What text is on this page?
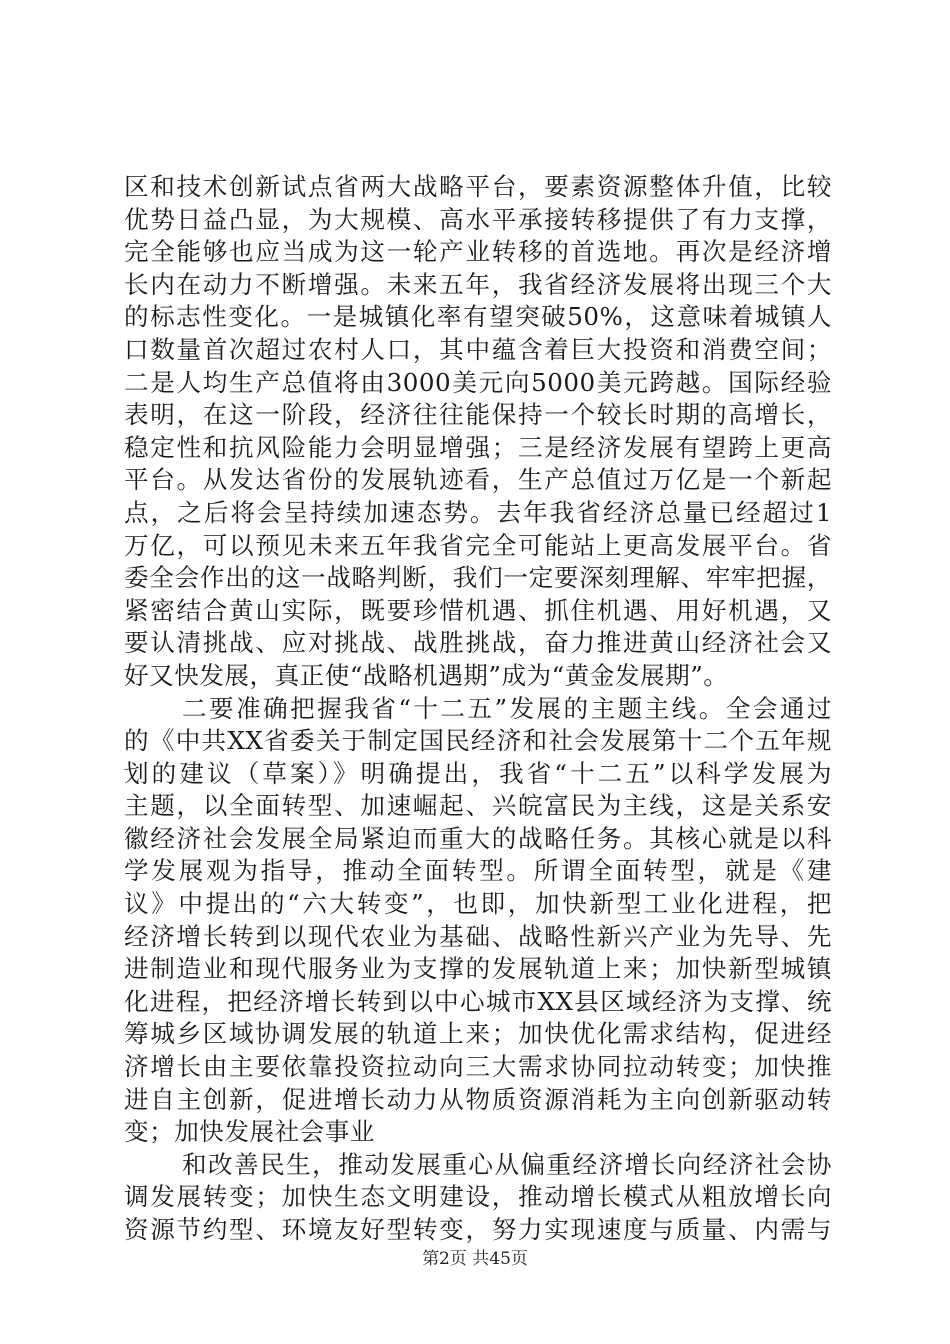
区和技术创新试点省两大战略平台，要素资源整体升值，比较
优势日益凸显，为大规模、高水平承接转移提供了有力支撑，
完全能够也应当成为这一轮产业转移的首选地。再次是经济增
长内在动力不断增强。未来五年，我省经济发展将出现三个大
的标志性变化。一是城镇化率有望突破50%，这意味着城镇人
口数量首次超过农村人口，其中蕴含着巨大投资和消费空间；
二是人均生产总值将由3000美元向5000美元跨越。国际经验
表明，在这一阶段，经济往往能保持一个较长时期的高增长，
稳定性和抗风险能力会明显增强；三是经济发展有望跨上更高
平台。从发达省份的发展轨迹看，生产总值过万亿是一个新起
点，之后将会呈持续加速态势。去年我省经济总量已经超过1
万亿，可以预见未来五年我省完全可能站上更高发展平台。省
委全会作出的这一战略判断，我们一定要深刻理解、牢牢把握，
紧密结合黄山实际，既要珍惜机遇、抓住机遇、用好机遇，又
要认清挑战、应对挑战、战胜挑战，奋力推进黄山经济社会又
好又快发展，真正使“战略机遇期”成为“黄金发展期”。
二要准确把握我省“十二五”发展的主题主线。全会通过
的《中共XX省委关于制定国民经济和社会发展第十二个五年规
划的建议（草案）》明确提出，我省“十二五”以科学发展为
主题，以全面转型、加速崛起、兴皖富民为主线，这是关系安
徽经济社会发展全局紧迫而重大的战略任务。其核心就是以科
学发展观为指导，推动全面转型。所谓全面转型，就是《建
议》中提出的“六大转变”，也即，加快新型工业化进程，把
经济增长转到以现代农业为基础、战略性新兴产业为先导、先
进制造业和现代服务业为支撑的发展轨道上来；加快新型城镇
化进程，把经济增长转到以中心城市XX县区域经济为支撑、统
筹城乡区域协调发展的轨道上来；加快优化需求结构，促进经
济增长由主要依靠投资拉动向三大需求协同拉动转变；加快推
进自主创新，促进增长动力从物质资源消耗为主向创新驱动转
变；加快发展社会事业
和改善民生，推动发展重心从偏重经济增长向经济社会协
调发展转变；加快生态文明建设，推动增长模式从粗放增长向
资源节约型、环境友好型转变，努力实现速度与质量、内需与
第2页 共45页
